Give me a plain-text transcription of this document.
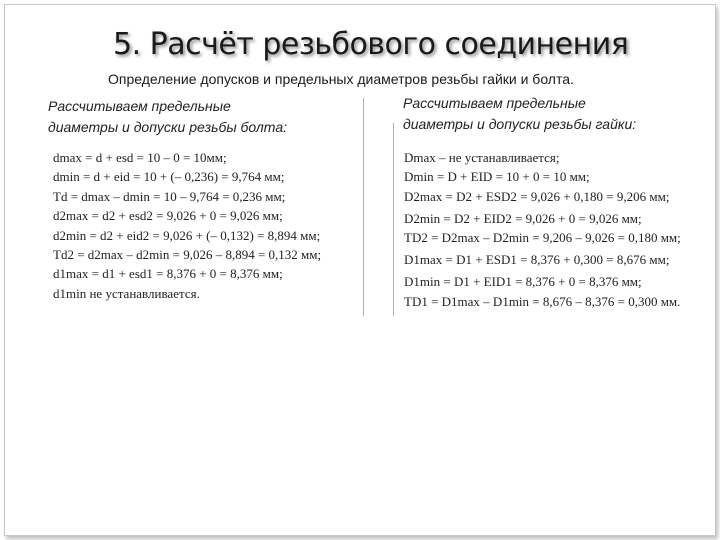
5. Расчёт резьбового соединения
Определение допусков и предельных диаметров резьбы гайки и болта.
Рассчитываем предельные
диаметры и допуски резьбы болта:
Рассчитываем предельные
диаметры и допуски резьбы гайки:
dmax = d + esd = 10 – 0 = 10мм;
dmin = d + eid = 10 + (– 0,236) = 9,764 мм;
Td = dmax – dmin = 10 – 9,764 = 0,236 мм;
d2max = d2 + esd2 = 9,026 + 0 = 9,026 мм;
d2min = d2 + eid2 = 9,026 + (– 0,132) = 8,894 мм;
Td2 = d2max – d2min = 9,026 – 8,894 = 0,132 мм;
d1max = d1 + esd1 = 8,376 + 0 = 8,376 мм;
d1min не устанавливается.
Dmax – не устанавливается;
Dmin = D + EID = 10 + 0 = 10 мм;
D2max = D2 + ESD2 = 9,026 + 0,180 = 9,206 мм;
D2min = D2 + EID2 = 9,026 + 0 = 9,026 мм;
TD2 = D2max – D2min = 9,206 – 9,026 = 0,180 мм;
D1max = D1 + ESD1 = 8,376 + 0,300 = 8,676 мм;
D1min = D1 + EID1 = 8,376 + 0 = 8,376 мм;
TD1 = D1max – D1min = 8,676 – 8,376 = 0,300 мм.
